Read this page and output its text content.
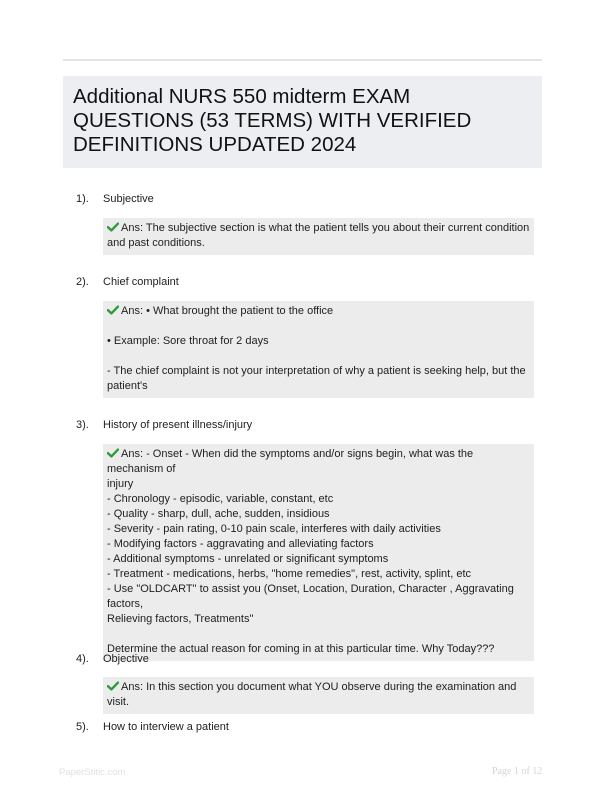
Additional NURS 550 midterm EXAM
QUESTIONS (53 TERMS) WITH VERIFIED
DEFINITIONS UPDATED 2024
1). Subjective

Ans: The subjective section is what the patient tells you about their current condition

and past conditions.

2). Chief complaint

Ans: • What brought the patient to the office

• Example: Sore throat for 2 days

- The chief complaint is not your interpretation of why a patient is seeking help, but the

patient's

3). History of present illness/injury

Ans: - Onset - When did the symptoms and/or signs begin, what was the mechanism of

injury

- Chronology - episodic, variable, constant, etc

- Quality - sharp, dull, ache, sudden, insidious

- Severity - pain rating, 0-10 pain scale, interferes with daily activities

- Modifying factors - aggravating and alleviating factors

- Additional symptoms - unrelated or significant symptoms

- Treatment - medications, herbs, "home remedies", rest, activity, splint, etc

- Use "OLDCART" to assist you (Onset, Location, Duration, Character , Aggravating factors,

Relieving factors, Treatments"

Determine the actual reason for coming in at this particular time. Why Today???

4). Objective

Ans: In this section you document what YOU observe during the examination and visit.

5). How to interview a patient
PaperStitic.com	Page 1 of 12
